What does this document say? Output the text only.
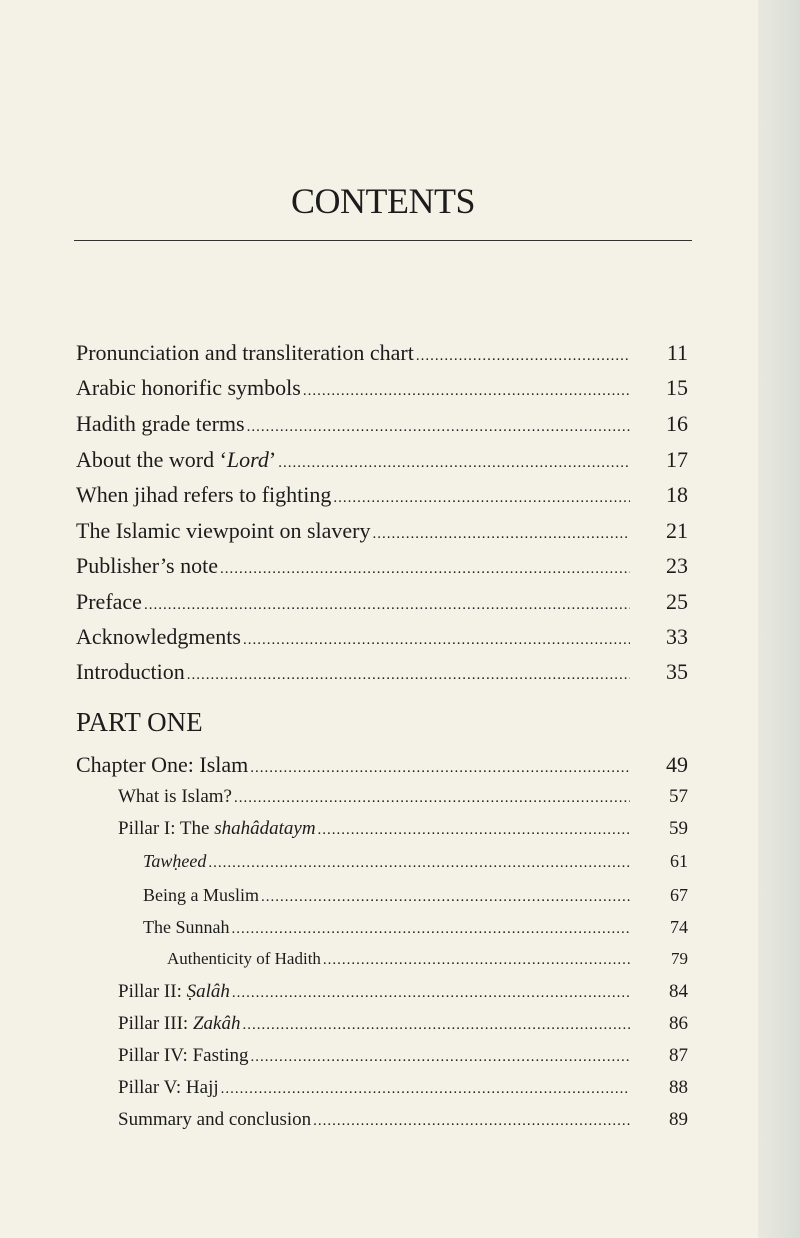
CONTENTS
Pronunciation and transliteration chart .....	11
Arabic honorific symbols .....	15
Hadith grade terms .....	16
About the word ‘Lord’ .....	17
When jihad refers to fighting .....	18
The Islamic viewpoint on slavery .....	21
Publisher’s note .....	23
Preface .....	25
Acknowledgments .....	33
Introduction .....	35
PART ONE
Chapter One: Islam .....	49
What is Islam? .....	57
Pillar I: The shahâdataym .....	59
Tawḥeed .....	61
Being a Muslim .....	67
The Sunnah .....	74
Authenticity of Hadith .....	79
Pillar II: Ṣalâh .....	84
Pillar III: Zakâh .....	86
Pillar IV: Fasting .....	87
Pillar V: Hajj .....	88
Summary and conclusion .....	89
